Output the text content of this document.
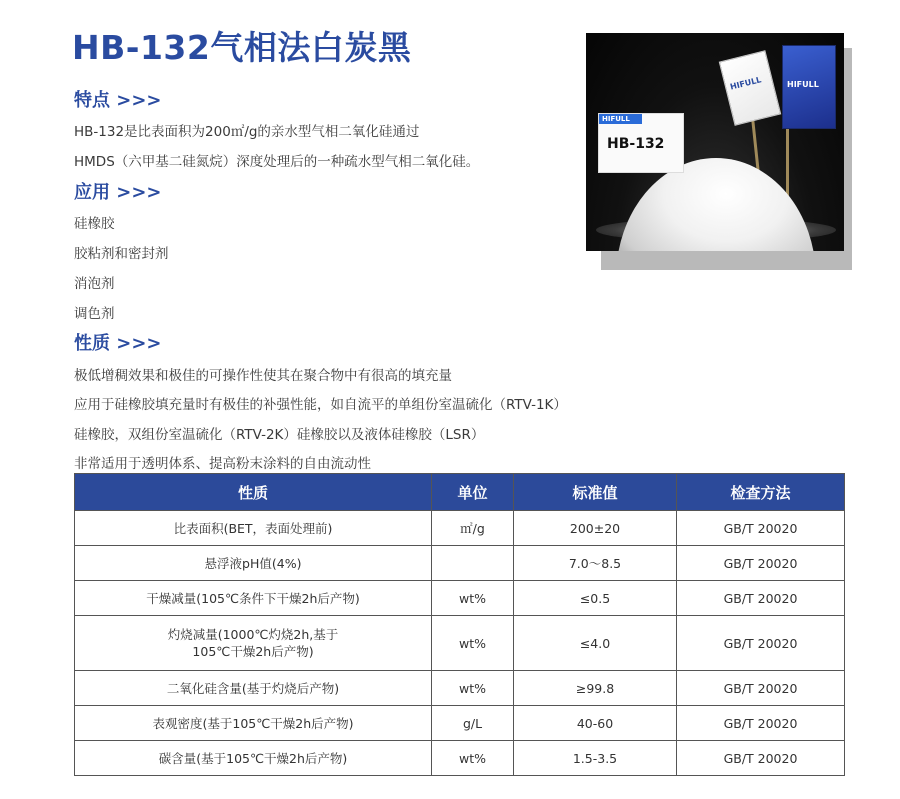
HB-132气相法白炭黑
特点 >>>
HB-132是比表面积为200㎡/g的亲水型气相二氧化硅通过
HMDS（六甲基二硅氮烷）深度处理后的一种疏水型气相二氧化硅。
应用 >>>
硅橡胶
胶粘剂和密封剂
消泡剂
调色剂
性质 >>>
极低增稠效果和极佳的可操作性使其在聚合物中有很高的填充量
应用于硅橡胶填充量时有极佳的补强性能，如自流平的单组份室温硫化（RTV-1K）
硅橡胶，双组份室温硫化（RTV-2K）硅橡胶以及液体硅橡胶（LSR）
非常适用于透明体系、提高粉末涂料的自由流动性
HIFULL	HIFULL
HIFULL
HB-132
性质	单位	标准值	检查方法
比表面积(BET，表面处理前)	㎡/g	200±20	GB/T 20020
悬浮液pH值(4%)		7.0～8.5	GB/T 20020
干燥减量(105℃条件下干燥2h后产物)	wt%	≤0.5	GB/T 20020
灼烧减量(1000℃灼烧2h,基于
105℃干燥2h后产物)	wt%	≤4.0	GB/T 20020
二氧化硅含量(基于灼烧后产物)	wt%	≥99.8	GB/T 20020
表观密度(基于105℃干燥2h后产物)	g/L	40-60	GB/T 20020
碳含量(基于105℃干燥2h后产物)	wt%	1.5-3.5	GB/T 20020
